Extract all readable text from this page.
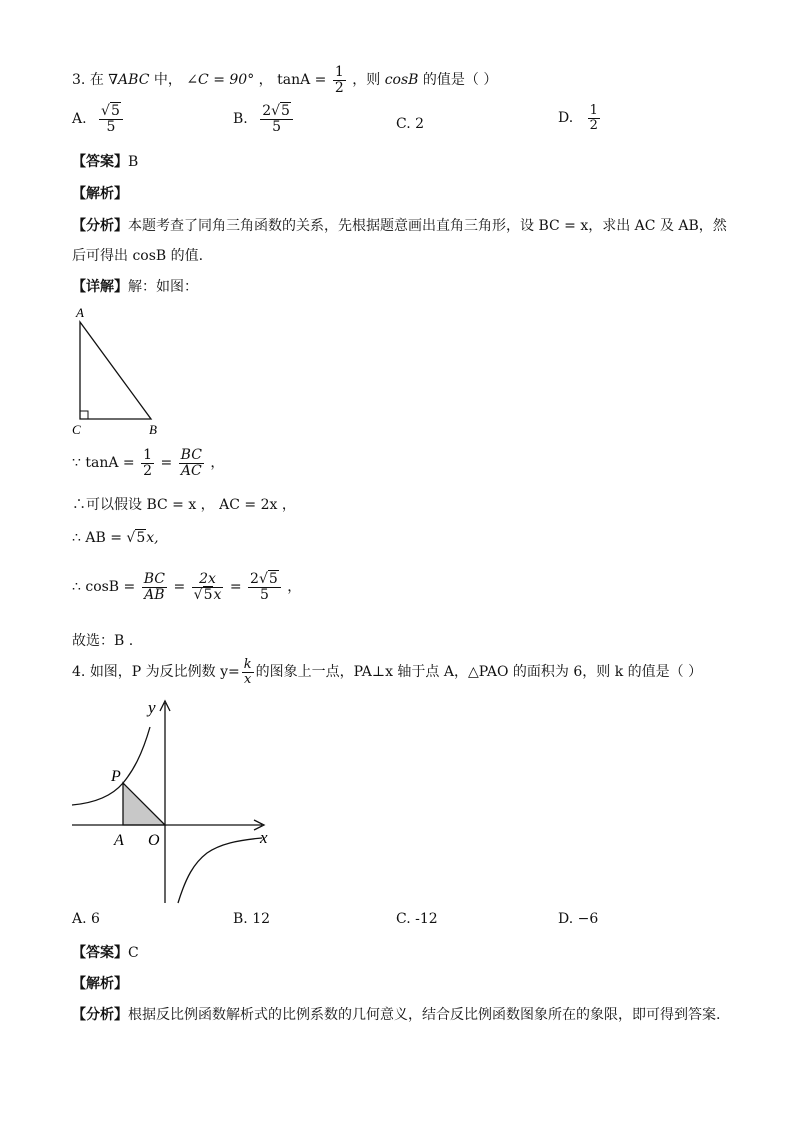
3. 在 ∇ABC 中， ∠C = 90° ， $\tan A = \frac{1}{2}$ ，则 cosB 的值是（ ）
A. $\frac{√5}{5}$	B. $\frac{2√5}{5}$	C. 2	D. $\frac{1}{2}$
【答案】B
【解析】
【分析】本题考查了同角三角函数的关系，先根据题意画出直角三角形，设 BC = x，求出 AC 及 AB，然
后可得出 cosB 的值.
【详解】解：如图：
A
C	B
∵ $\tan A = \frac{1}{2} = \frac{BC}{AC}$ ，
∴可以假设 BC = x ， AC = 2x ，
∴ AB = √5x,
∴ $\cos B = \frac{BC}{AB} = \frac{2x}{√5x} = \frac{2√5}{5}$ ，
故选：B .
4. 如图，P 为反比例数 $y= \frac{k}{x}$ 的图象上一点，PA⊥x 轴于点 A，△PAO 的面积为 6，则 k 的值是（ ）
y
x
P
A O
A. 6	B. 12	C. ‑12	D. −6
【答案】C
【解析】
【分析】根据反比例函数解析式的比例系数的几何意义，结合反比例函数图象所在的象限，即可得到答案.
